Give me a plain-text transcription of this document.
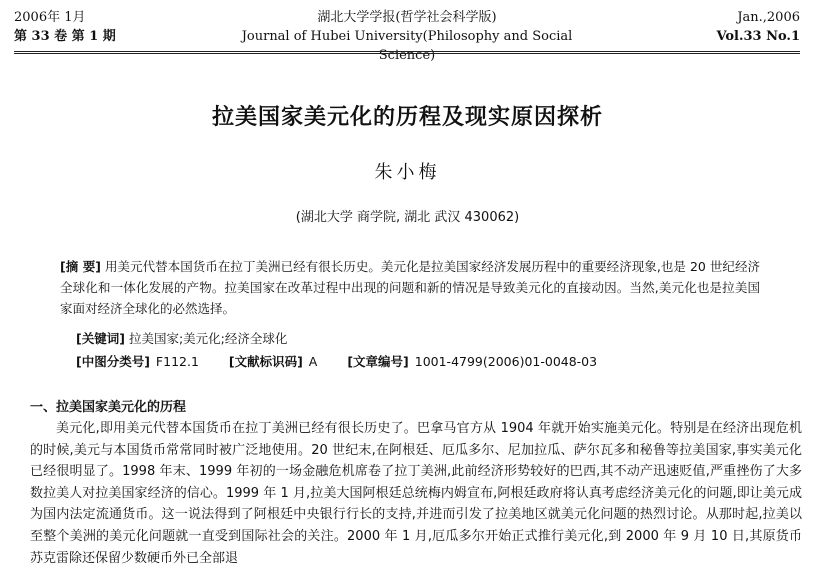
2006年 1月
第 33 卷 第 1 期
湖北大学学报(哲学社会科学版)
Journal of Hubei University(Philosophy and Social Science)
Jan.,2006
Vol.33 No.1
拉美国家美元化的历程及现实原因探析
朱小梅
(湖北大学 商学院, 湖北 武汉 430062)
[摘 要] 用美元代替本国货币在拉丁美洲已经有很长历史。美元化是拉美国家经济发展历程中的重要经济现象,也是 20 世纪经济全球化和一体化发展的产物。拉美国家在改革过程中出现的问题和新的情况是导致美元化的直接动因。当然,美元化也是拉美国家面对经济全球化的必然选择。
[关键词] 拉美国家;美元化;经济全球化
[中图分类号] F112.1 [文献标识码] A [文章编号] 1001-4799(2006)01-0048-03
一、拉美国家美元化的历程
美元化,即用美元代替本国货币在拉丁美洲已经有很长历史了。巴拿马官方从 1904 年就开始实施美元化。特别是在经济出现危机的时候,美元与本国货币常常同时被广泛地使用。20 世纪末,在阿根廷、厄瓜多尔、尼加拉瓜、萨尔瓦多和秘鲁等拉美国家,事实美元化已经很明显了。1998 年末、1999 年初的一场金融危机席卷了拉丁美洲,此前经济形势较好的巴西,其不动产迅速贬值,严重挫伤了大多数拉美人对拉美国家经济的信心。1999 年 1 月,拉美大国阿根廷总统梅内姆宣布,阿根廷政府将认真考虑经济美元化的问题,即让美元成为国内法定流通货币。这一说法得到了阿根廷中央银行行长的支持,并进而引发了拉美地区就美元化问题的热烈讨论。从那时起,拉美以至整个美洲的美元化问题就一直受到国际社会的关注。2000 年 1 月,厄瓜多尔开始正式推行美元化,到 2000 年 9 月 10 日,其原货币苏克雷除还保留少数硬币外已全部退
